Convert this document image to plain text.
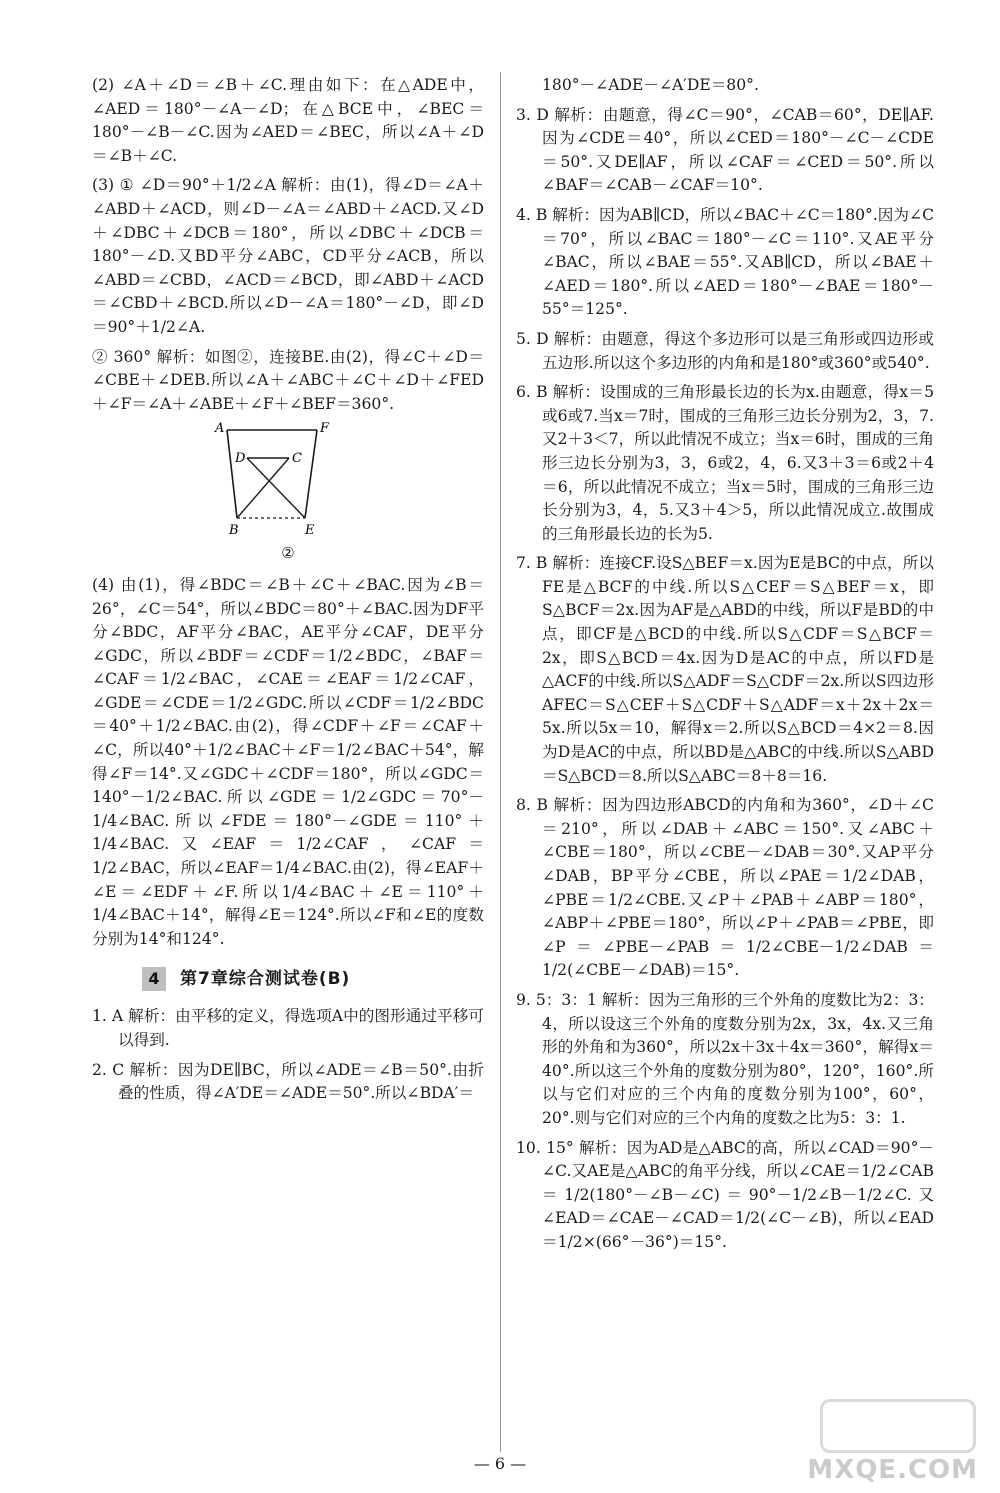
(2) ∠A＋∠D＝∠B＋∠C.理由如下：在△ADE中，∠AED＝180°－∠A－∠D；在△BCE中，∠BEC＝180°－∠B－∠C.因为∠AED＝∠BEC，所以∠A＋∠D＝∠B＋∠C.

(3) ① ∠D＝90°＋1/2∠A 解析：由(1)，得∠D＝∠A＋∠ABD＋∠ACD，则∠D－∠A＝∠ABD＋∠ACD.又∠D＋∠DBC＋∠DCB＝180°，所以∠DBC＋∠DCB＝180°－∠D.又BD平分∠ABC，CD平分∠ACB，所以∠ABD＝∠CBD，∠ACD＝∠BCD，即∠ABD＋∠ACD＝∠CBD＋∠BCD.所以∠D－∠A＝180°－∠D，即∠D＝90°＋1/2∠A.

② 360° 解析：如图②，连接BE.由(2)，得∠C＋∠D＝∠CBE＋∠DEB.所以∠A＋∠ABC＋∠C＋∠D＋∠FED＋∠F＝∠A＋∠ABE＋∠F＋∠BEF＝360°.

A	F
D	C
B	E
②

(4) 由(1)，得∠BDC＝∠B＋∠C＋∠BAC.因为∠B＝26°，∠C＝54°，所以∠BDC＝80°＋∠BAC.因为DF平分∠BDC，AF平分∠BAC，AE平分∠CAF，DE平分∠GDC，所以∠BDF＝∠CDF＝1/2∠BDC，∠BAF＝∠CAF＝1/2∠BAC，∠CAE＝∠EAF＝1/2∠CAF，∠GDE＝∠CDE＝1/2∠GDC.所以∠CDF＝1/2∠BDC＝40°＋1/2∠BAC.由(2)，得∠CDF＋∠F＝∠CAF＋∠C，所以40°＋1/2∠BAC＋∠F＝1/2∠BAC＋54°，解得∠F＝14°.又∠GDC＋∠CDF＝180°，所以∠GDC＝140°－1/2∠BAC.所以∠GDE＝1/2∠GDC＝70°－1/4∠BAC.所以∠FDE＝180°－∠GDE＝110°＋1/4∠BAC.又∠EAF＝1/2∠CAF，∠CAF＝1/2∠BAC，所以∠EAF＝1/4∠BAC.由(2)，得∠EAF＋∠E＝∠EDF＋∠F.所以1/4∠BAC＋∠E＝110°＋1/4∠BAC＋14°，解得∠E＝124°.所以∠F和∠E的度数分别为14°和124°.

4	第7章综合测试卷(B)

1. A 解析：由平移的定义，得选项A中的图形通过平移可以得到.

2. C 解析：因为DE∥BC，所以∠ADE＝∠B＝50°.由折叠的性质，得∠A′DE＝∠ADE＝50°.所以∠BDA′＝

180°－∠ADE－∠A′DE＝80°.

3. D 解析：由题意，得∠C＝90°，∠CAB＝60°，DE∥AF.因为∠CDE＝40°，所以∠CED＝180°－∠C－∠CDE＝50°.又DE∥AF，所以∠CAF＝∠CED＝50°.所以∠BAF＝∠CAB－∠CAF＝10°.

4. B 解析：因为AB∥CD，所以∠BAC＋∠C＝180°.因为∠C＝70°，所以∠BAC＝180°－∠C＝110°.又AE平分∠BAC，所以∠BAE＝55°.又AB∥CD，所以∠BAE＋∠AED＝180°.所以∠AED＝180°－∠BAE＝180°－55°＝125°.

5. D 解析：由题意，得这个多边形可以是三角形或四边形或五边形.所以这个多边形的内角和是180°或360°或540°.

6. B 解析：设围成的三角形最长边的长为x.由题意，得x＝5或6或7.当x＝7时，围成的三角形三边长分别为2，3，7.又2＋3＜7，所以此情况不成立；当x＝6时，围成的三角形三边长分别为3，3，6或2，4，6.又3＋3＝6或2＋4＝6，所以此情况不成立；当x＝5时，围成的三角形三边长分别为3，4，5.又3＋4＞5，所以此情况成立.故围成的三角形最长边的长为5.

7. B 解析：连接CF.设S△BEF＝x.因为E是BC的中点，所以FE是△BCF的中线.所以S△CEF＝S△BEF＝x，即S△BCF＝2x.因为AF是△ABD的中线，所以F是BD的中点，即CF是△BCD的中线.所以S△CDF＝S△BCF＝2x，即S△BCD＝4x.因为D是AC的中点，所以FD是△ACF的中线.所以S△ADF＝S△CDF＝2x.所以S四边形AFEC＝S△CEF＋S△CDF＋S△ADF＝x＋2x＋2x＝5x.所以5x＝10，解得x＝2.所以S△BCD＝4×2＝8.因为D是AC的中点，所以BD是△ABC的中线.所以S△ABD＝S△BCD＝8.所以S△ABC＝8＋8＝16.

8. B 解析：因为四边形ABCD的内角和为360°，∠D＋∠C＝210°，所以∠DAB＋∠ABC＝150°.又∠ABC＋∠CBE＝180°，所以∠CBE－∠DAB＝30°.又AP平分∠DAB，BP平分∠CBE，所以∠PAE＝1/2∠DAB，∠PBE＝1/2∠CBE.又∠P＋∠PAB＋∠ABP＝180°，∠ABP＋∠PBE＝180°，所以∠P＋∠PAB＝∠PBE，即∠P＝∠PBE－∠PAB＝1/2∠CBE－1/2∠DAB＝1/2(∠CBE－∠DAB)＝15°.

9. 5：3：1 解析：因为三角形的三个外角的度数比为2：3：4，所以设这三个外角的度数分别为2x，3x，4x.又三角形的外角和为360°，所以2x＋3x＋4x＝360°，解得x＝40°.所以这三个外角的度数分别为80°，120°，160°.所以与它们对应的三个内角的度数分别为100°，60°，20°.则与它们对应的三个内角的度数之比为5：3：1.

10. 15° 解析：因为AD是△ABC的高，所以∠CAD＝90°－∠C.又AE是△ABC的角平分线，所以∠CAE＝1/2∠CAB＝1/2(180°－∠B－∠C)＝90°－1/2∠B－1/2∠C.又∠EAD＝∠CAE－∠CAD＝1/2(∠C－∠B)，所以∠EAD＝1/2×(66°－36°)＝15°.

— 6 —	MXQE.COM
